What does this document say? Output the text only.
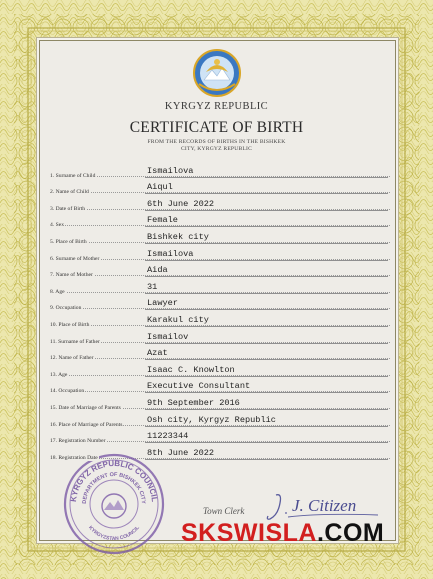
KYRGYZ REPUBLIC
CERTIFICATE OF BIRTH
FROM THE RECORDS OF BIRTHS IN THE BISHKEK
CITY, KYRGYZ REPUBLIC
1. Surname of Child	Ismailova
2. Name of Child	Aiqul
3. Date of Birth	6th June 2022
4. Sex	Female
5. Place of Birth	Bishkek city
6. Surname of Mother	Ismailova
7. Name of Mother	Aida
8. Age	31
9. Occupation	Lawyer
10. Place of Birth	Karakul city
11. Surname of Father	Ismailov
12. Name of Father	Azat
13. Age	Isaac C. Knowlton
14. Occupation	Executive Consultant
15. Date of Marriage of Parents	9th September 2016
16. Place of Marriage of Parents	Osh city, Kyrgyz Republic
17. Registration Number	11223344
18. Registration Date	8th June 2022
KYRGYZ REPUBLIC COUNCIL
DEPARTMENT OF BISHKEK CITY
KYRGYZSTAN COUNCIL
Town Clerk	J. Citizen
SKSWISLA.COM
